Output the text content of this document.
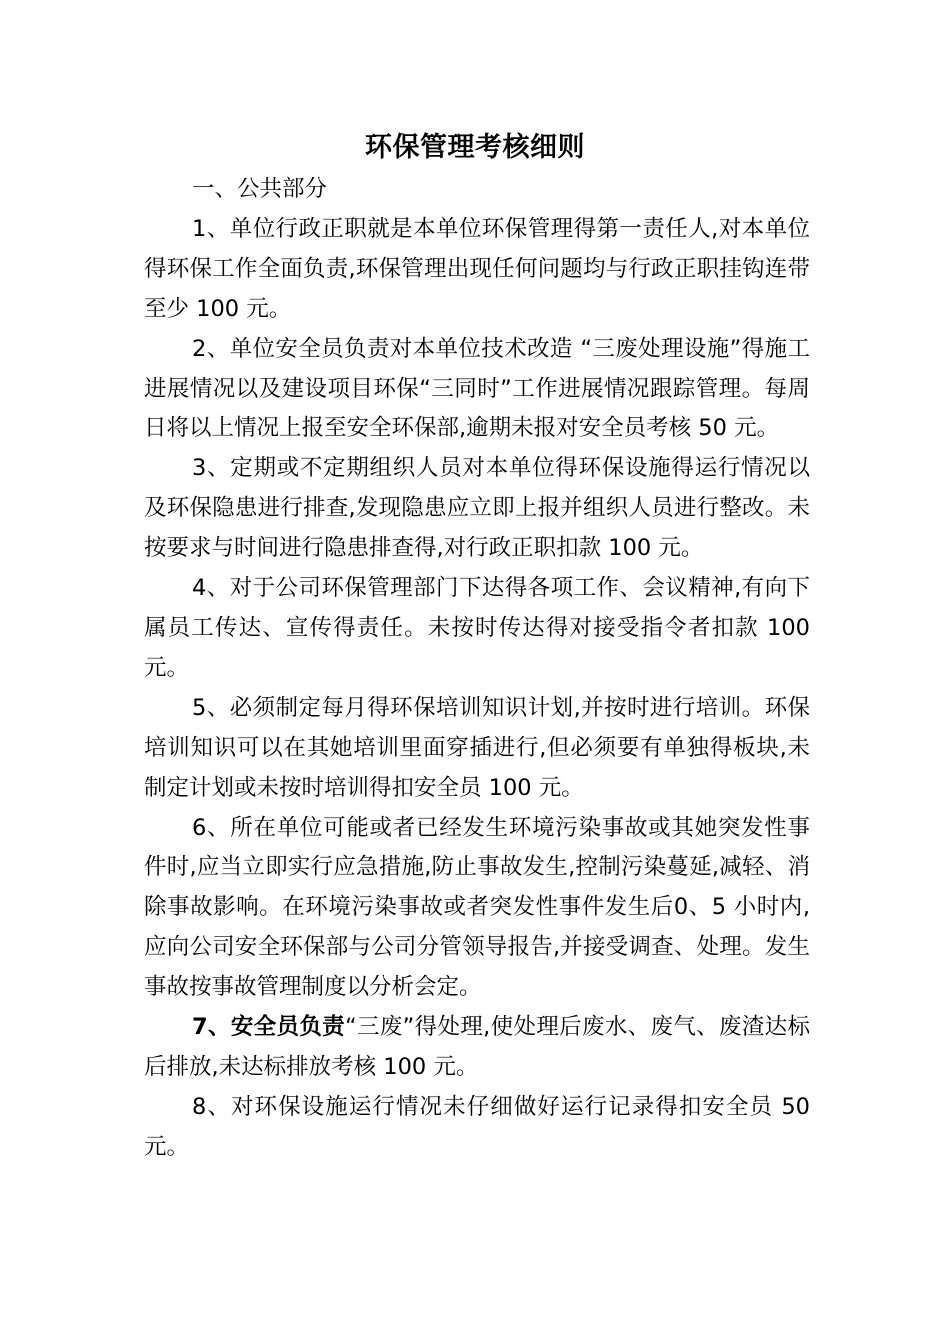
环保管理考核细则

一、公共部分

1、单位行政正职就是本单位环保管理得第一责任人,对本单位得环保工作全面负责,环保管理出现任何问题均与行政正职挂钩连带至少 100 元。

2、单位安全员负责对本单位技术改造 “三废处理设施”得施工进展情况以及建设项目环保“三同时”工作进展情况跟踪管理。每周日将以上情况上报至安全环保部,逾期未报对安全员考核 50 元。

3、定期或不定期组织人员对本单位得环保设施得运行情况以及环保隐患进行排查,发现隐患应立即上报并组织人员进行整改。未按要求与时间进行隐患排查得,对行政正职扣款 100 元。

4、对于公司环保管理部门下达得各项工作、会议精神,有向下属员工传达、宣传得责任。未按时传达得对接受指令者扣款 100 元。

5、必须制定每月得环保培训知识计划,并按时进行培训。环保培训知识可以在其她培训里面穿插进行,但必须要有单独得板块,未制定计划或未按时培训得扣安全员 100 元。

6、所在单位可能或者已经发生环境污染事故或其她突发性事件时,应当立即实行应急措施,防止事故发生,控制污染蔓延,减轻、消除事故影响。在环境污染事故或者突发性事件发生后0、5 小时内,应向公司安全环保部与公司分管领导报告,并接受调查、处理。发生事故按事故管理制度以分析会定。

7、安全员负责“三废”得处理,使处理后废水、废气、废渣达标后排放,未达标排放考核 100 元。

8、对环保设施运行情况未仔细做好运行记录得扣安全员 50 元。
